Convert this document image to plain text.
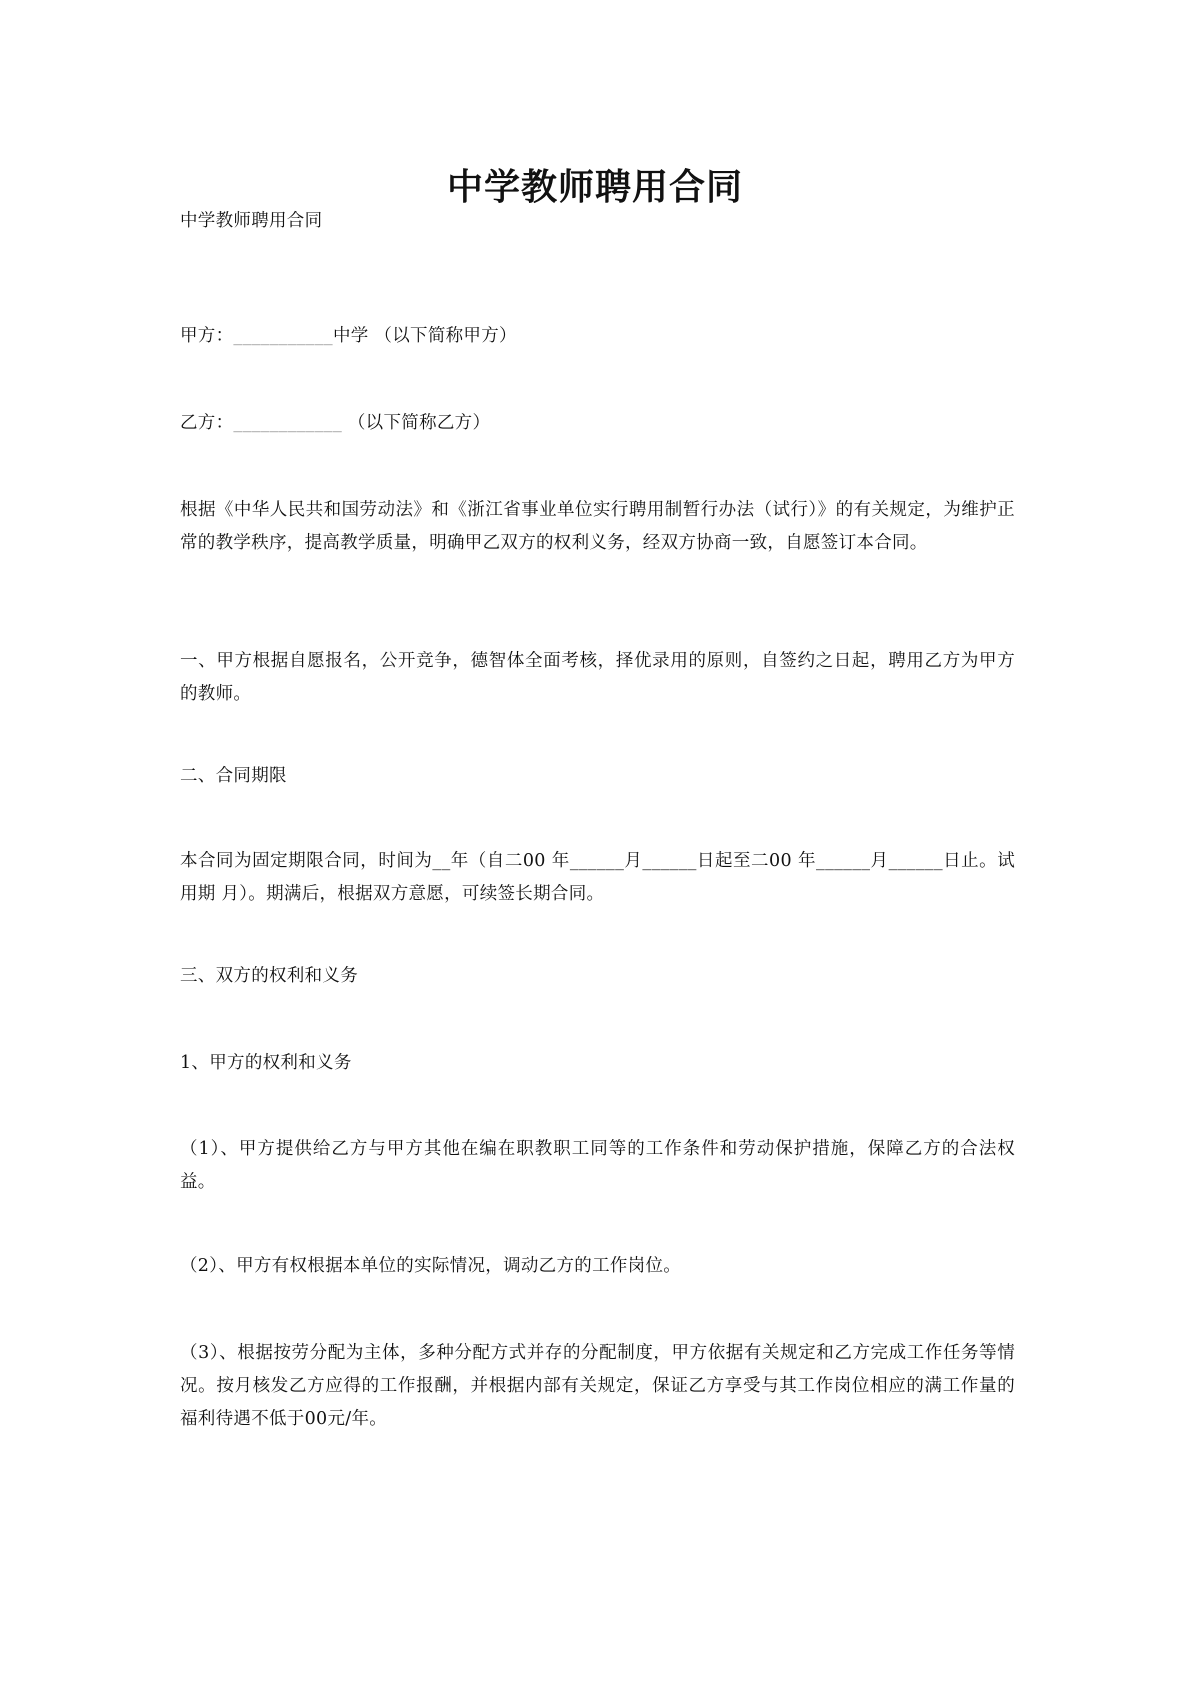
中学教师聘用合同
中学教师聘用合同
甲方：___________中学 （以下简称甲方）
乙方：____________ （以下简称乙方）
根据《中华人民共和国劳动法》和《浙江省事业单位实行聘用制暂行办法（试行）》的有关规定，为维护正常的教学秩序，提高教学质量，明确甲乙双方的权利义务，经双方协商一致，自愿签订本合同。
一、甲方根据自愿报名，公开竞争，德智体全面考核，择优录用的原则，自签约之日起，聘用乙方为甲方的教师。
二、合同期限
本合同为固定期限合同，时间为__年（自二00 年______月______日起至二00 年______月______日止。试用期 月）。期满后，根据双方意愿，可续签长期合同。
三、双方的权利和义务
1、甲方的权利和义务
（1）、甲方提供给乙方与甲方其他在编在职教职工同等的工作条件和劳动保护措施，保障乙方的合法权益。
（2）、甲方有权根据本单位的实际情况，调动乙方的工作岗位。
（3）、根据按劳分配为主体，多种分配方式并存的分配制度，甲方依据有关规定和乙方完成工作任务等情况。按月核发乙方应得的工作报酬，并根据内部有关规定，保证乙方享受与其工作岗位相应的满工作量的福利待遇不低于00元/年。
